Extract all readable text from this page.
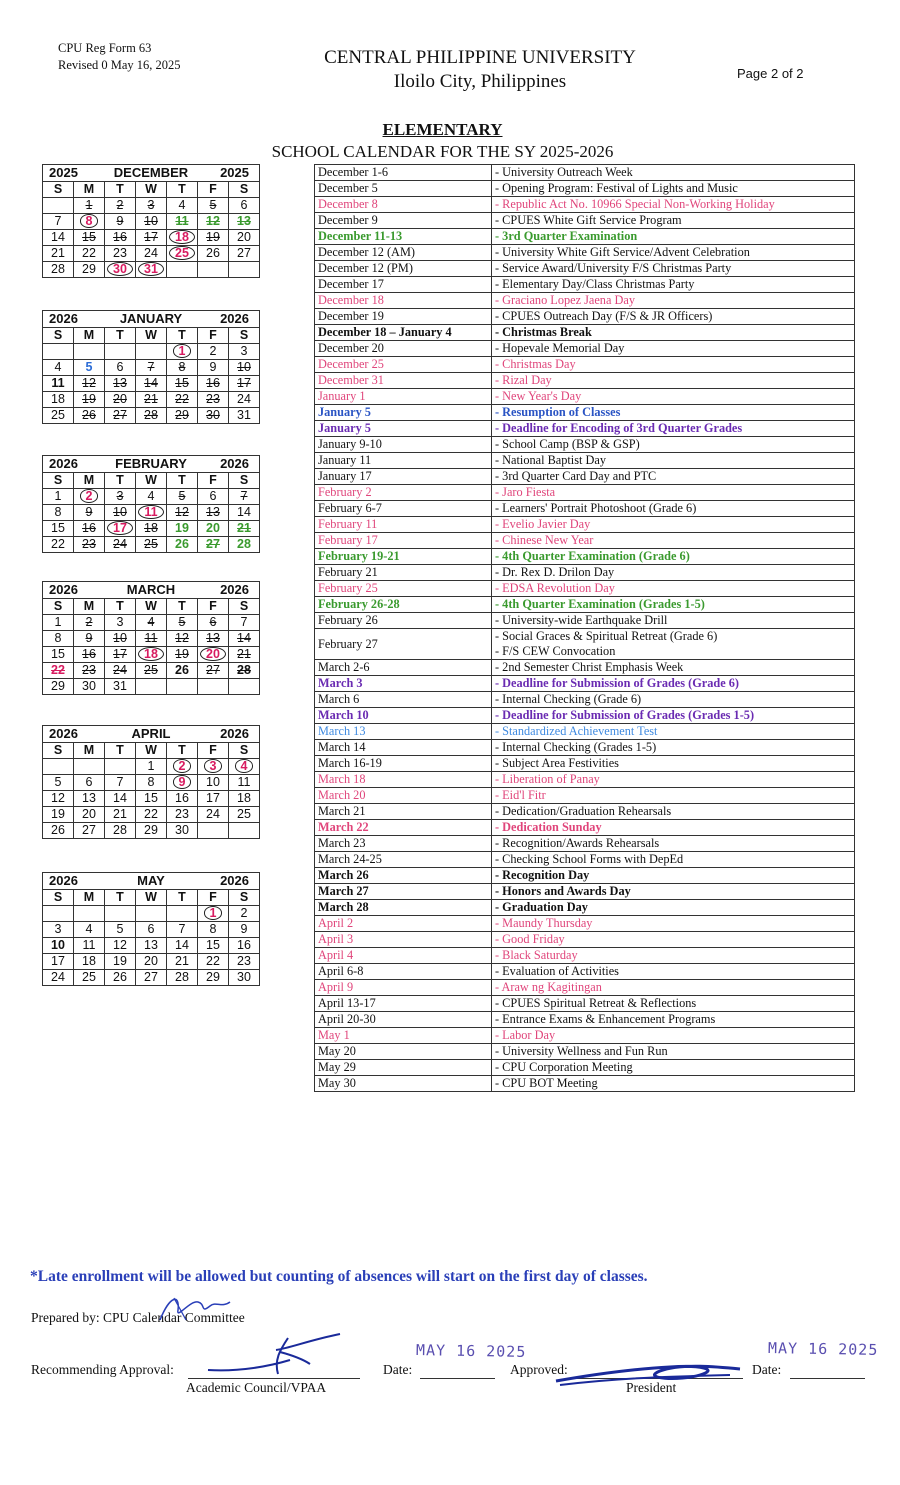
CPU Reg Form 63
Revised 0 May 16, 2025	CENTRAL PHILIPPINE UNIVERSITY
Iloilo City, Philippines	Page 2 of 2
ELEMENTARY
SCHOOL CALENDAR FOR THE SY 2025-2026
2025 DECEMBER 2025						

S	M	T	W	T	F	S
	1	2	3	4	5	6
7	8	9	10	11	12	13
14	15	16	17	18	19	20
21	22	23	24	25	26	27
28	29	30	31			
2026 JANUARY 2026						

S	M	T	W	T	F	S
				1	2	3
4	5	6	7	8	9	10
11	12	13	14	15	16	17
18	19	20	21	22	23	24
25	26	27	28	29	30	31
2026 FEBRUARY 2026						

S	M	T	W	T	F	S
1	2	3	4	5	6	7
8	9	10	11	12	13	14
15	16	17	18	19	20	21
22	23	24	25	26	27	28
2026 MARCH 2026						

S	M	T	W	T	F	S
1	2	3	4	5	6	7
8	9	10	11	12	13	14
15	16	17	18	19	20	21
22	23	24	25	26	27	28
29	30	31				
2026 APRIL 2026						

S	M	T	W	T	F	S
			1	2	3	4
5	6	7	8	9	10	11
12	13	14	15	16	17	18
19	20	21	22	23	24	25
26	27	28	29	30		
2026 MAY 2026						

S	M	T	W	T	F	S
					1	2
3	4	5	6	7	8	9
10	11	12	13	14	15	16
17	18	19	20	21	22	23
24	25	26	27	28	29	30
December 1-6	- University Outreach Week
December 5	- Opening Program: Festival of Lights and Music
December 8	- Republic Act No. 10966 Special Non-Working Holiday
December 9	- CPUES White Gift Service Program
December 11-13	- 3rd Quarter Examination
December 12 (AM)	- University White Gift Service/Advent Celebration
December 12 (PM)	- Service Award/University F/S Christmas Party
December 17	- Elementary Day/Class Christmas Party
December 18	- Graciano Lopez Jaena Day
December 19	- CPUES Outreach Day (F/S & JR Officers)
December 18 – January 4	- Christmas Break
December 20	- Hopevale Memorial Day
December 25	- Christmas Day
December 31	- Rizal Day
January 1	- New Year's Day
January 5	- Resumption of Classes
January 5	- Deadline for Encoding of 3rd Quarter Grades
January 9-10	- School Camp (BSP & GSP)
January 11	- National Baptist Day
January 17	- 3rd Quarter Card Day and PTC
February 2	- Jaro Fiesta
February 6-7	- Learners' Portrait Photoshoot (Grade 6)
February 11	- Evelio Javier Day
February 17	- Chinese New Year
February 19-21	- 4th Quarter Examination (Grade 6)
February 21	- Dr. Rex D. Drilon Day
February 25	- EDSA Revolution Day
February 26-28	- 4th Quarter Examination (Grades 1-5)
February 26	- University-wide Earthquake Drill
February 27	- Social Graces & Spiritual Retreat (Grade 6)
- F/S CEW Convocation

March 2-6	- 2nd Semester Christ Emphasis Week
March 3	- Deadline for Submission of Grades (Grade 6)
March 6	- Internal Checking (Grade 6)
March 10	- Deadline for Submission of Grades (Grades 1-5)
March 13	- Standardized Achievement Test
March 14	- Internal Checking (Grades 1-5)
March 16-19	- Subject Area Festivities
March 18	- Liberation of Panay
March 20	- Eid'l Fitr
March 21	- Dedication/Graduation Rehearsals
March 22	- Dedication Sunday
March 23	- Recognition/Awards Rehearsals
March 24-25	- Checking School Forms with DepEd
March 26	- Recognition Day
March 27	- Honors and Awards Day
March 28	- Graduation Day
April 2	- Maundy Thursday
April 3	- Good Friday
April 4	- Black Saturday
April 6-8	- Evaluation of Activities
April 9	- Araw ng Kagitingan
April 13-17	- CPUES Spiritual Retreat & Reflections
April 20-30	- Entrance Exams & Enhancement Programs
May 1	- Labor Day
May 20	- University Wellness and Fun Run
May 29	- CPU Corporation Meeting
May 30	- CPU BOT Meeting
*Late enrollment will be allowed but counting of absences will start on the first day of classes.
Prepared by: CPU Calendar Committee
Recommending Approval:
Academic Council/VPAA
Date:
MAY 16 2025
Approved:
President
Date:
MAY 16 2025
